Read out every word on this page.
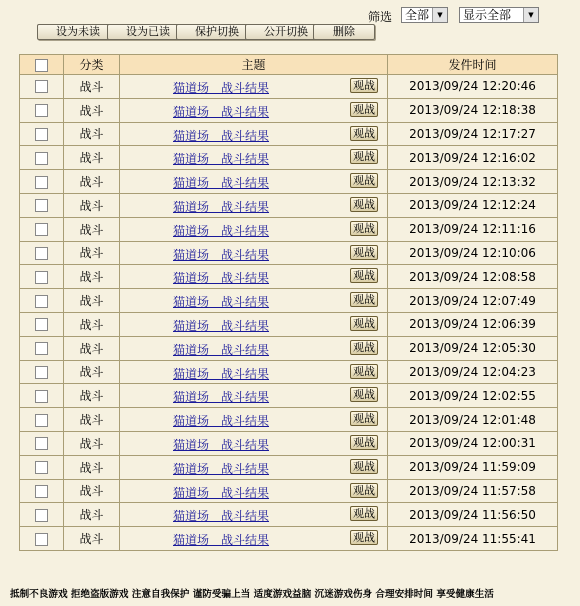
设为未读	设为已读	保护切换	公开切换	删除
筛选	全部	▼	显示全部	▼
	分类	主题	发件时间
	战斗	猫道场　战斗结果 观战	2013/09/24 12:20:46
	战斗	猫道场　战斗结果 观战	2013/09/24 12:18:38
	战斗	猫道场　战斗结果 观战	2013/09/24 12:17:27
	战斗	猫道场　战斗结果 观战	2013/09/24 12:16:02
	战斗	猫道场　战斗结果 观战	2013/09/24 12:13:32
	战斗	猫道场　战斗结果 观战	2013/09/24 12:12:24
	战斗	猫道场　战斗结果 观战	2013/09/24 12:11:16
	战斗	猫道场　战斗结果 观战	2013/09/24 12:10:06
	战斗	猫道场　战斗结果 观战	2013/09/24 12:08:58
	战斗	猫道场　战斗结果 观战	2013/09/24 12:07:49
	战斗	猫道场　战斗结果 观战	2013/09/24 12:06:39
	战斗	猫道场　战斗结果 观战	2013/09/24 12:05:30
	战斗	猫道场　战斗结果 观战	2013/09/24 12:04:23
	战斗	猫道场　战斗结果 观战	2013/09/24 12:02:55
	战斗	猫道场　战斗结果 观战	2013/09/24 12:01:48
	战斗	猫道场　战斗结果 观战	2013/09/24 12:00:31
	战斗	猫道场　战斗结果 观战	2013/09/24 11:59:09
	战斗	猫道场　战斗结果 观战	2013/09/24 11:57:58
	战斗	猫道场　战斗结果 观战	2013/09/24 11:56:50
	战斗	猫道场　战斗结果 观战	2013/09/24 11:55:41
抵制不良游戏 拒绝盗版游戏 注意自我保护 谨防受骗上当 适度游戏益脑 沉迷游戏伤身 合理安排时间 享受健康生活
